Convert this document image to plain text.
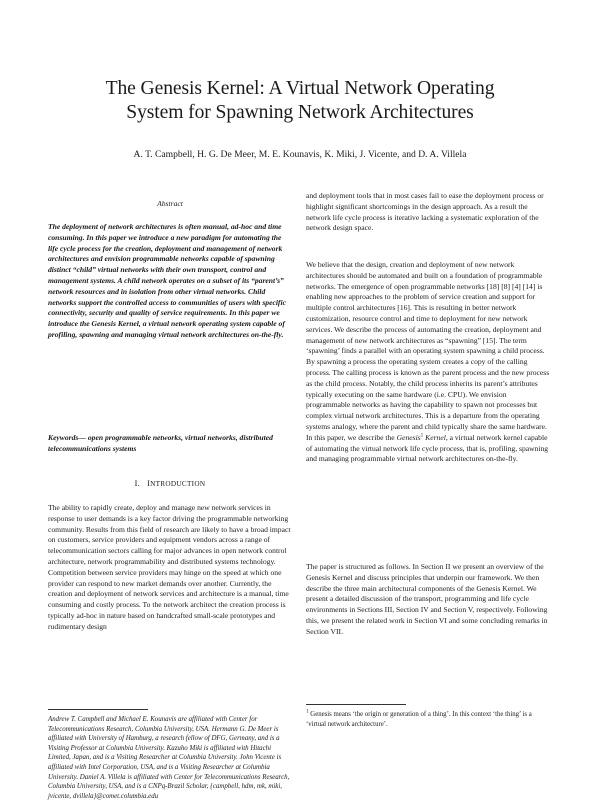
The Genesis Kernel: A Virtual Network Operating
System for Spawning Network Architectures
A. T. Campbell, H. G. De Meer, M. E. Kounavis, K. Miki, J. Vicente, and D. A. Villela
Abstract

The deployment of network architectures is often manual, ad-hoc and time consuming. In this paper we introduce a new paradigm for automating the life cycle process for the creation, deployment and management of network architectures and envision programmable networks capable of spawning distinct “child” virtual networks with their own transport, control and management systems. A child network operates on a subset of its “parent’s” network resources and in isolation from other virtual networks. Child networks support the controlled access to communities of users with specific connectivity, security and quality of service requirements. In this paper we introduce the Genesis Kernel, a virtual network operating system capable of profiling, spawning and managing virtual network architectures on-the-fly.

Keywords— open programmable networks, virtual networks, distributed telecommunications systems

I. INTRODUCTION

The ability to rapidly create, deploy and manage new network services in response to user demands is a key factor driving the programmable networking community. Results from this field of research are likely to have a broad impact on customers, service providers and equipment vendors across a range of telecommunication sectors calling for major advances in open network control architecture, network programmability and distributed systems technology. Competition between service providers may hinge on the speed at which one provider can respond to new market demands over another. Currently, the creation and deployment of network services and architecture is a manual, time consuming and costly process. To the network architect the creation process is typically ad-hoc in nature based on handcrafted small-scale prototypes and rudimentary design

Andrew T. Campbell and Michael E. Kounavis are affiliated with Center for Telecommunications Research, Columbia University, USA. Hermann G. De Meer is affiliated with University of Hamburg, a research fellow of DFG, Germany, and is a Visiting Professor at Columbia University. Kazuho Miki is affiliated with Hitachi Limited, Japan, and is a Visiting Researcher at Columbia University. John Vicente is affiliated with Intel Corporation, USA, and is a Visiting Researcher at Columbia University. Daniel A. Villela is affiliated with Center for Telecommunications Research, Columbia University, USA, and is a CNPq-Brazil Scholar, {campbell, hdm, mk, miki, jvicente, dvillela}@comet.columbia.edu

and deployment tools that in most cases fail to ease the deployment process or highlight significant shortcomings in the design approach. As a result the network life cycle process is iterative lacking a systematic exploration of the network design space.

We believe that the design, creation and deployment of new network architectures should be automated and built on a foundation of programmable networks. The emergence of open programmable networks [18] [8] [4] [14] is enabling new approaches to the problem of service creation and support for multiple control architectures [16]. This is resulting in better network customization, resource control and time to deployment for new network services. We describe the process of automating the creation, deployment and management of new network architectures as “spawning” [15]. The term ‘spawning’ finds a parallel with an operating system spawning a child process. By spawning a process the operating system creates a copy of the calling process. The calling process is known as the parent process and the new process as the child process. Notably, the child process inherits its parent’s attributes typically executing on the same hardware (i.e. CPU). We envision programmable networks as having the capability to spawn not processes but complex virtual network architectures. This is a departure from the operating systems analogy, where the parent and child typically share the same hardware. In this paper, we describe the Genesis$^1$ Kernel, a virtual network kernel capable of automating the virtual network life cycle process, that is, profiling, spawning and managing programmable virtual network architectures on-the-fly.

The paper is structured as follows. In Section II we present an overview of the Genesis Kernel and discuss principles that underpin our framework. We then describe the three main architectural components of the Genesis Kernel. We present a detailed discussion of the transport, programming and life cycle environments in Sections III, Section IV and Section V, respectively. Following this, we present the related work in Section VI and some concluding remarks in Section VII.

$^1$ Genesis means ‘the origin or generation of a thing’. In this context ‘the thing’ is a ‘virtual network architecture’.
